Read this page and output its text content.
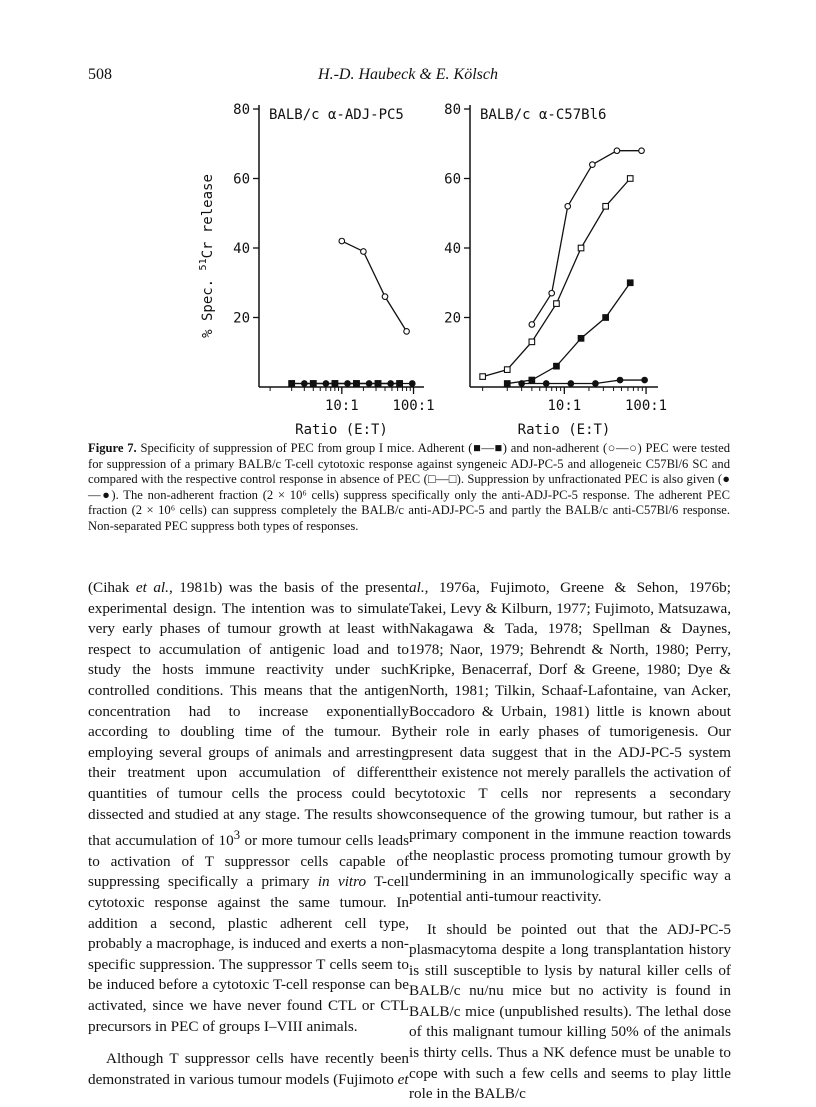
508	H.-D. Haubeck & E. Kölsch
20
40
60
80
10:1 100:1
BALB/c α-ADJ-PC5
Ratio (E:T)
% Spec. $^{51}$Cr release
20
40
60
80
10:1	100:1
BALB/c α-C57Bl6
Ratio (E:T)
Figure 7. Specificity of suppression of PEC from group I mice. Adherent (■—■) and non-adherent (○—○) PEC were tested for suppression of a primary BALB/c T-cell cytotoxic response against syngeneic ADJ-PC-5 and allogeneic C57Bl/6 SC and compared with the respective control response in absence of PEC (□—□). Suppression by unfractionated PEC is also given (●—●). The non-adherent fraction (2 × 10⁶ cells) suppress specifically only the anti-ADJ-PC-5 response. The adherent PEC fraction (2 × 10⁶ cells) can suppress completely the BALB/c anti-ADJ-PC-5 and partly the BALB/c anti-C57Bl/6 response. Non-separated PEC suppress both types of responses.

(Cihak et al., 1981b) was the basis of the present experimental design. The intention was to simulate very early phases of tumour growth at least with respect to accumulation of antigenic load and to study the hosts immune reactivity under such controlled conditions. This means that the antigen concentration had to increase exponentially according to doubling time of the tumour. By employing several groups of animals and arresting their treatment upon accumulation of different quantities of tumour cells the process could be dissected and studied at any stage. The results show that accumulation of $10^3$ or more tumour cells leads to activation of T suppressor cells capable of suppressing specifically a primary in vitro T-cell cytotoxic response against the same tumour. In addition a second, plastic adherent cell type, probably a macrophage, is induced and exerts a non-specific suppression. The suppressor T cells seem to be induced before a cytotoxic T-cell response can be activated, since we have never found CTL or CTL precursors in PEC of groups I–VIII animals.

Although T suppressor cells have recently been demonstrated in various tumour models (Fujimoto et

al., 1976a, Fujimoto, Greene & Sehon, 1976b; Takei, Levy & Kilburn, 1977; Fujimoto, Matsuzawa, Nakagawa & Tada, 1978; Spellman & Daynes, 1978; Naor, 1979; Behrendt & North, 1980; Perry, Kripke, Benacerraf, Dorf & Greene, 1980; Dye & North, 1981; Tilkin, Schaaf-Lafontaine, van Acker, Boccadoro & Urbain, 1981) little is known about their role in early phases of tumorigenesis. Our present data suggest that in the ADJ-PC-5 system their existence not merely parallels the activation of cytotoxic T cells nor represents a secondary consequence of the growing tumour, but rather is a primary component in the immune reaction towards the neoplastic process promoting tumour growth by undermining in an immunologically specific way a potential anti-tumour reactivity.

It should be pointed out that the ADJ-PC-5 plasmacytoma despite a long transplantation history is still susceptible to lysis by natural killer cells of BALB/c nu/nu mice but no activity is found in BALB/c mice (unpublished results). The lethal dose of this malignant tumour killing 50% of the animals is thirty cells. Thus a NK defence must be unable to cope with such a few cells and seems to play little role in the BALB/c
